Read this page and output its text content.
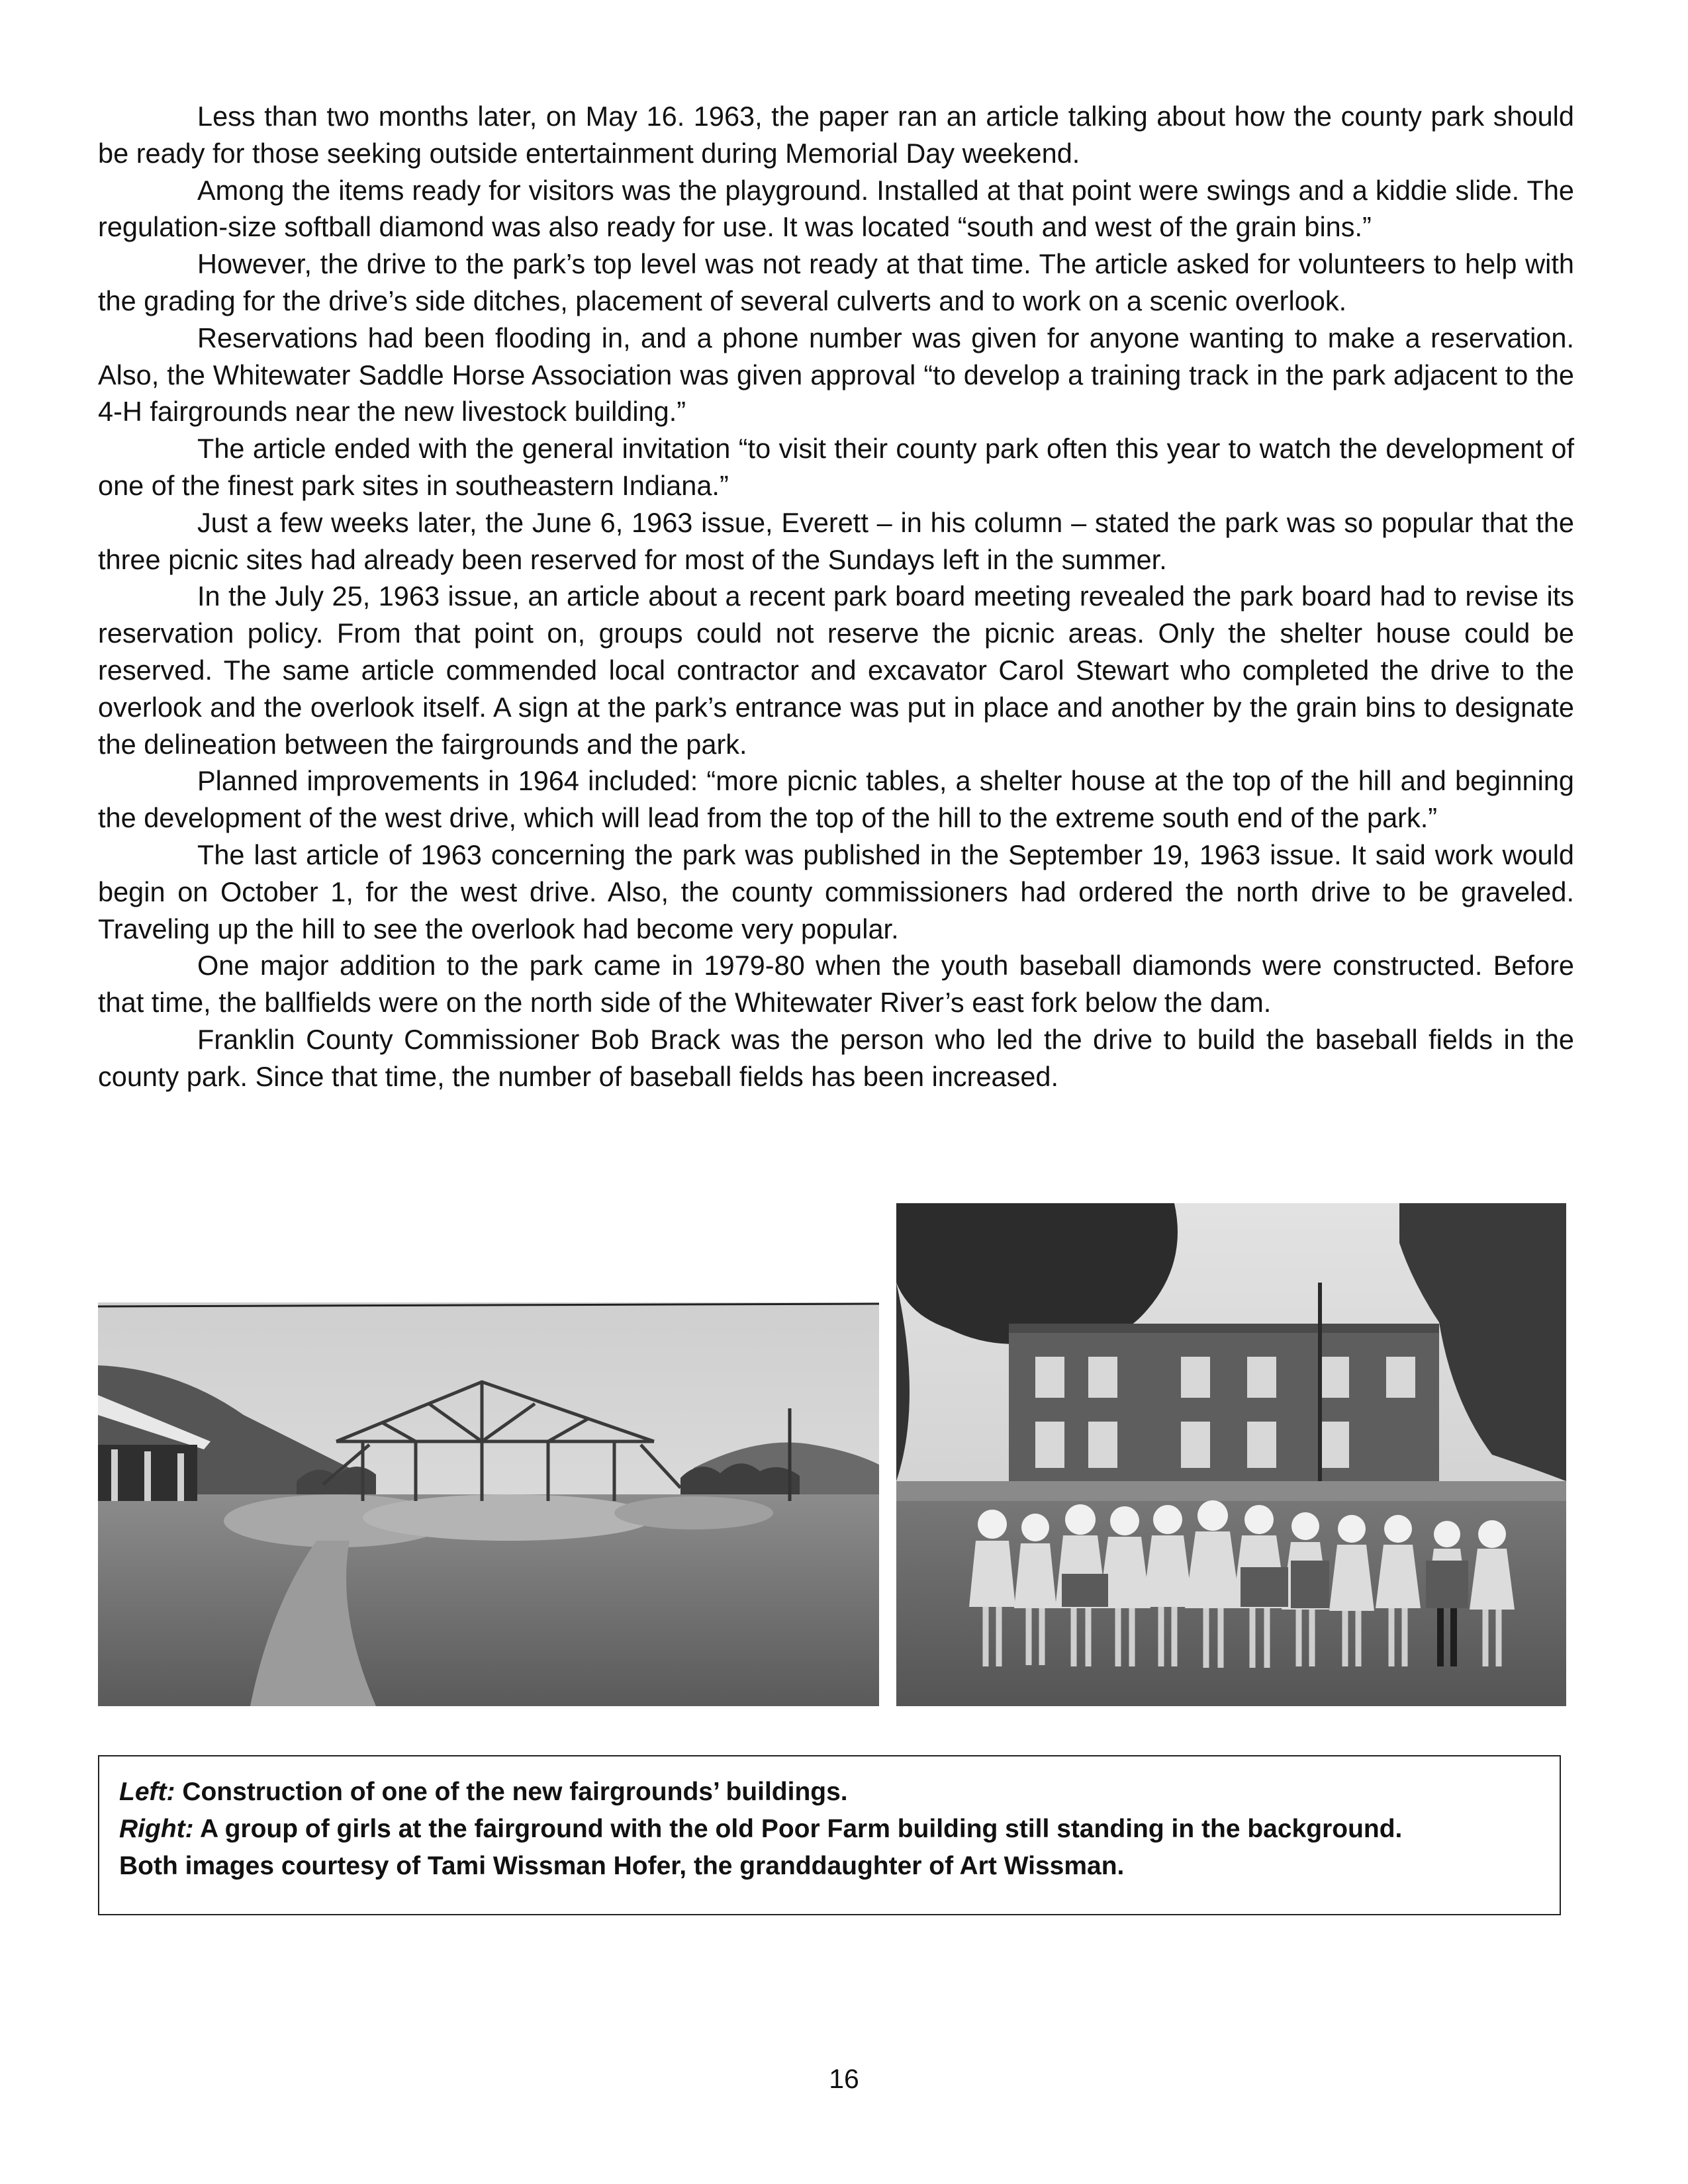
Less than two months later, on May 16. 1963, the paper ran an article talking about how the county park should be ready for those seeking outside entertainment during Memorial Day weekend.

Among the items ready for visitors was the playground. Installed at that point were swings and a kiddie slide. The regulation-size softball diamond was also ready for use. It was located “south and west of the grain bins.”

However, the drive to the park’s top level was not ready at that time. The article asked for volunteers to help with the grading for the drive’s side ditches, placement of several culverts and to work on a scenic overlook.

Reservations had been flooding in, and a phone number was given for anyone wanting to make a reservation. Also, the Whitewater Saddle Horse Association was given approval “to develop a training track in the park adjacent to the 4-H fairgrounds near the new livestock building.”

The article ended with the general invitation “to visit their county park often this year to watch the development of one of the finest park sites in southeastern Indiana.”

Just a few weeks later, the June 6, 1963 issue, Everett – in his column – stated the park was so popular that the three picnic sites had already been reserved for most of the Sundays left in the summer.

In the July 25, 1963 issue, an article about a recent park board meeting revealed the park board had to revise its reservation policy. From that point on, groups could not reserve the picnic areas. Only the shelter house could be reserved. The same article commended local contractor and excavator Carol Stewart who completed the drive to the overlook and the overlook itself. A sign at the park’s entrance was put in place and another by the grain bins to designate the delineation between the fairgrounds and the park.

Planned improvements in 1964 included: “more picnic tables, a shelter house at the top of the hill and beginning the development of the west drive, which will lead from the top of the hill to the extreme south end of the park.”

The last article of 1963 concerning the park was published in the September 19, 1963 issue. It said work would begin on October 1, for the west drive. Also, the county commissioners had ordered the north drive to be graveled. Traveling up the hill to see the overlook had become very popular.

One major addition to the park came in 1979-80 when the youth baseball diamonds were constructed. Before that time, the ballfields were on the north side of the Whitewater River’s east fork below the dam.

Franklin County Commissioner Bob Brack was the person who led the drive to build the baseball fields in the county park. Since that time, the number of baseball fields has been increased.

Left: Construction of one of the new fairgrounds’ buildings.
Right: A group of girls at the fairground with the old Poor Farm building still standing in the background.
Both images courtesy of Tami Wissman Hofer, the granddaughter of Art Wissman.
16
